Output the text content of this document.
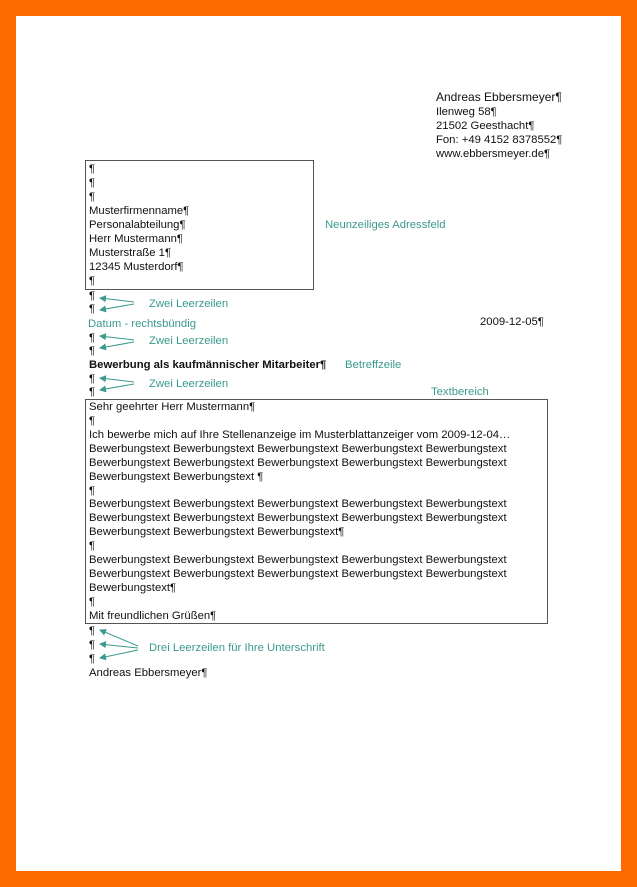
Andreas Ebbersmeyer¶
Ilenweg 58¶
21502 Geesthacht¶
Fon: +49 4152 8378552¶
www.ebbersmeyer.de¶
¶
¶
¶
Musterfirmenname¶
Personalabteilung¶
Herr Mustermann¶
Musterstraße 1¶
12345 Musterdorf¶
¶
Neunzeiliges Adressfeld
¶
¶	Zwei Leerzeilen
Datum - rechtsbündig	2009-12-05¶
¶
¶
Zwei Leerzeilen
Bewerbung als kaufmännischer Mitarbeiter¶ Betreffzeile
¶
¶
Zwei Leerzeilen
Textbereich
Sehr geehrter Herr Mustermann¶
¶
Ich bewerbe mich auf Ihre Stellenanzeige im Musterblattanzeiger vom 2009-12-04…
Bewerbungstext Bewerbungstext Bewerbungstext Bewerbungstext Bewerbungstext
Bewerbungstext Bewerbungstext Bewerbungstext Bewerbungstext Bewerbungstext
Bewerbungstext Bewerbungstext ¶
¶
Bewerbungstext Bewerbungstext Bewerbungstext Bewerbungstext Bewerbungstext
Bewerbungstext Bewerbungstext Bewerbungstext Bewerbungstext Bewerbungstext
Bewerbungstext Bewerbungstext Bewerbungstext¶
¶
Bewerbungstext Bewerbungstext Bewerbungstext Bewerbungstext Bewerbungstext
Bewerbungstext Bewerbungstext Bewerbungstext Bewerbungstext Bewerbungstext
Bewerbungstext¶
¶
Mit freundlichen Grüßen¶
¶
¶
¶
Drei Leerzeilen für Ihre Unterschrift
Andreas Ebbersmeyer¶
